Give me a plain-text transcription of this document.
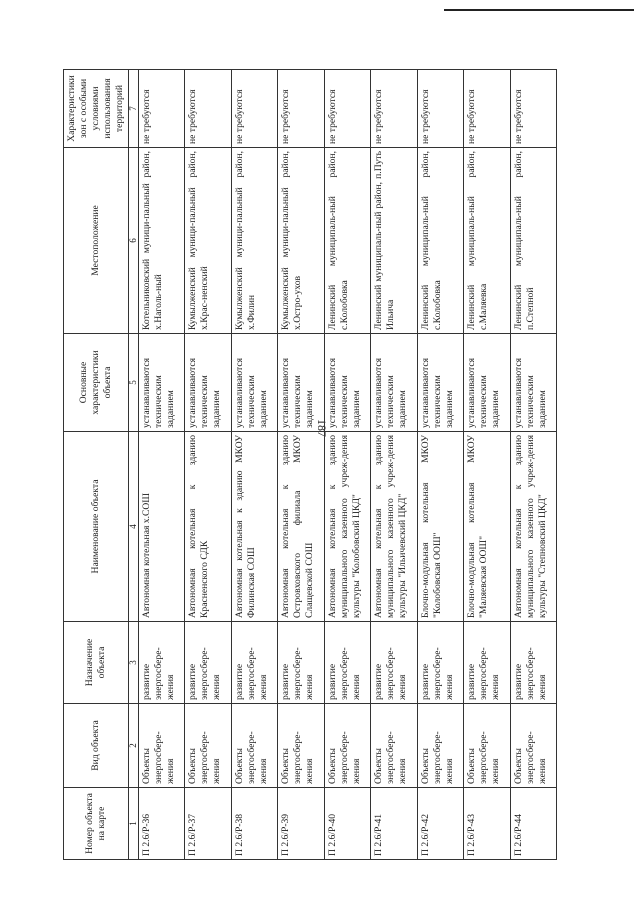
187
Номер объекта на карте	Вид объекта	Назначение объекта	Наименование объекта	Основные характеристики объекта	Местоположение	Характеристики зон с особыми условиями использования территорий
1	2	3	4	5	6	7
П 2.6/Р-36	Объекты энергосбере-жения	развитие энергосбере-жения	Автономная котельная х.СОШ	устанавливаются техническим заданием	Котельниковский муници-пальный район, х.Наголь-ный	не требуются
П 2.6/Р-37	Объекты энергосбере-жения	развитие энергосбере-жения	Автономная котельная к зданию Красненского СДК	устанавливаются техническим заданием	Кумылженский муници-пальный район, х.Крас-ненский	не требуются
П 2.6/Р-38	Объекты энергосбере-жения	развитие энергосбере-жения	Автономная котельная к зданию МКОУ Филинская СОШ	устанавливаются техническим заданием	Кумылженский муници-пальный район, х.Филин	не требуются
П 2.6/Р-39	Объекты энергосбере-жения	развитие энергосбере-жения	Автономная котельная к зданию Островховского филиала МКОУ Слащевской СОШ	устанавливаются техническим заданием	Кумылженский муници-пальный район, х.Остро-ухов	не требуются
П 2.6/Р-40	Объекты энергосбере-жения	развитие энергосбере-жения	Автономная котельная к зданию муниципального казенного учреж-дения культуры "Колобовский ЦКД"	устанавливаются техническим заданием	Ленинский муниципаль-ный район, с.Колобовка	не требуются
П 2.6/Р-41	Объекты энергосбере-жения	развитие энергосбере-жения	Автономная котельная к зданию муниципального казенного учреж-дения культуры "Ильичевский ЦКД"	устанавливаются техническим заданием	Ленинский муниципаль-ный район, п.Путь Ильича	не требуются
П 2.6/Р-42	Объекты энергосбере-жения	развитие энергосбере-жения	Блочно-модульная котельная МКОУ "Колобовская ООШ"	устанавливаются техническим заданием	Ленинский муниципаль-ный район, с.Колобовка	не требуются
П 2.6/Р-43	Объекты энергосбере-жения	развитие энергосбере-жения	Блочно-модульная котельная МКОУ "Маляевская ООШ"	устанавливаются техническим заданием	Ленинский муниципаль-ный район, с.Маляевка	не требуются
П 2.6/Р-44	Объекты энергосбере-жения	развитие энергосбере-жения	Автономная котельная к зданию муниципального казенного учреж-дения культуры "Степновский ЦКД"	устанавливаются техническим заданием	Ленинский муниципаль-ный район, п.Степной	не требуются
